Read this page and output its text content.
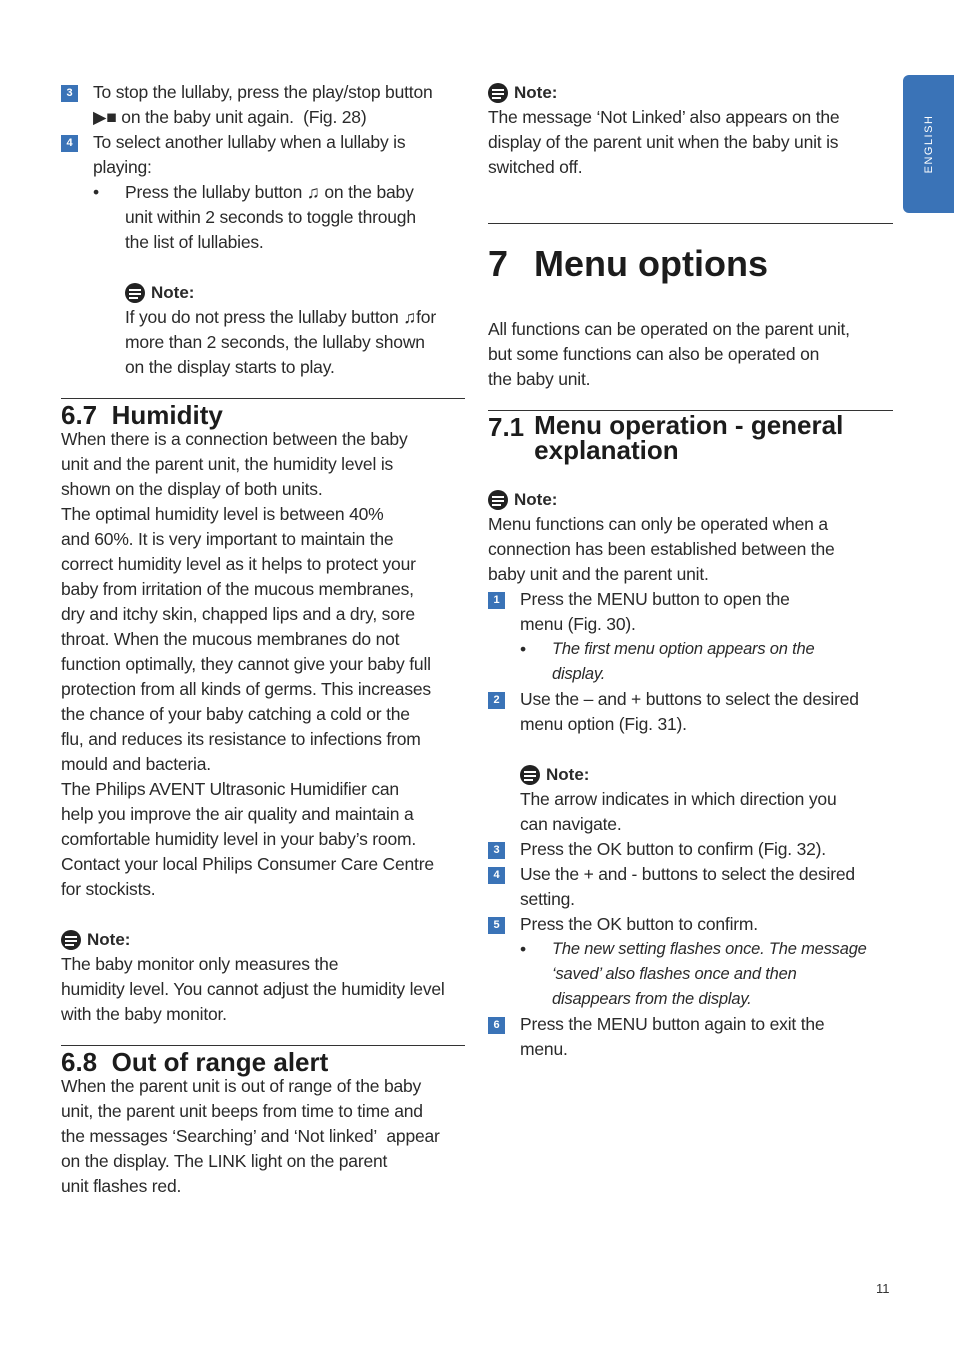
ENGLISH
3	To stop the lullaby, press the play/stop button
▶■ on the baby unit again.  (Fig. 28)

4	To select another lullaby when a lullaby is
playing:

• Press the lullaby button ♫ on the baby
unit within 2 seconds to toggle through
the list of lullabies.

Note:

If you do not press the lullaby button ♫for
more than 2 seconds, the lullaby shown
on the display starts to play.

6.7  Humidity

When there is a connection between the baby
unit and the parent unit, the humidity level is
shown on the display of both units.
The optimal humidity level is between 40%
and 60%. It is very important to maintain the
correct humidity level as it helps to protect your
baby from irritation of the mucous membranes,
dry and itchy skin, chapped lips and a dry, sore
throat. When the mucous membranes do not
function optimally, they cannot give your baby full
protection from all kinds of germs. This increases
the chance of your baby catching a cold or the
flu, and reduces its resistance to infections from
mould and bacteria.
The Philips AVENT Ultrasonic Humidifier can
help you improve the air quality and maintain a
comfortable humidity level in your baby’s room.
Contact your local Philips Consumer Care Centre
for stockists.

Note:

The baby monitor only measures the
humidity level. You cannot adjust the humidity level
with the baby monitor.

6.8  Out of range alert

When the parent unit is out of range of the baby
unit, the parent unit beeps from time to time and
the messages ‘Searching’ and ‘Not linked’  appear
on the display. The LINK light on the parent
unit flashes red.

Note:

The message ‘Not Linked’ also appears on the
display of the parent unit when the baby unit is
switched off.

7 Menu options

All functions can be operated on the parent unit,
but some functions can also be operated on
the baby unit.

7.1 Menu operation - general
explanation
Note:

Menu functions can only be operated when a
connection has been established between the
baby unit and the parent unit.

1	Press the MENU button to open the
menu (Fig. 30).

• The first menu option appears on the
display.

2	Use the – and + buttons to select the desired
menu option (Fig. 31).

Note:

The arrow indicates in which direction you
can navigate.

3	Press the OK button to confirm (Fig. 32).

4	Use the + and - buttons to select the desired
setting.

5	Press the OK button to confirm.

• The new setting flashes once. The message
‘saved’ also flashes once and then
disappears from the display.

6	Press the MENU button again to exit the
menu.

11
